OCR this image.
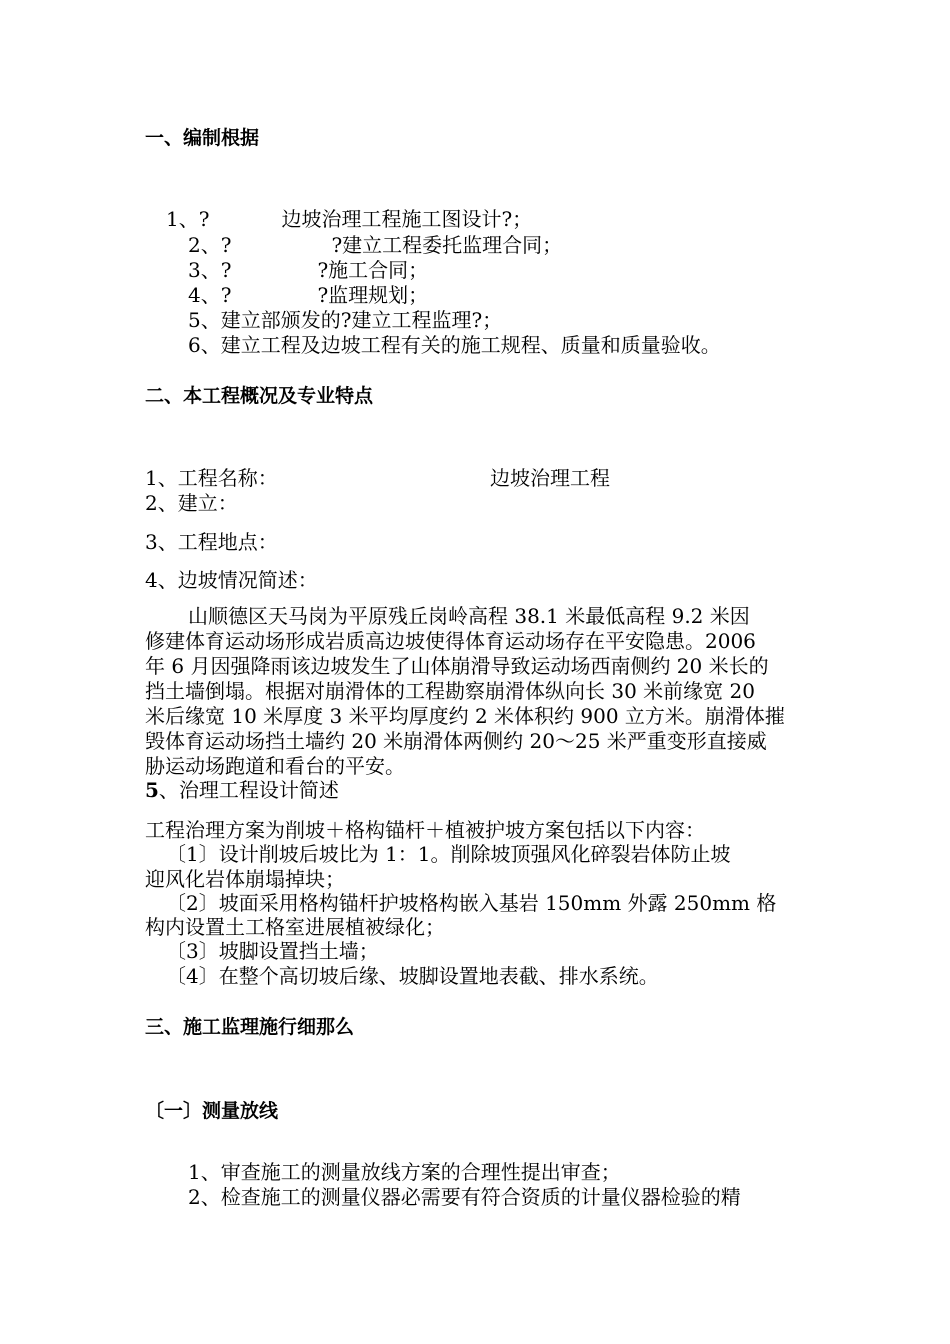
一、编制根据
1、?	边坡治理工程施工图设计?；
2、?	?建立工程委托监理合同；
3、?	?施工合同；
4、?	?监理规划；
5、建立部颁发的?建立工程监理?；
6、建立工程及边坡工程有关的施工规程、质量和质量验收。
二、本工程概况及专业特点
1、工程名称：	边坡治理工程
2、建立：
3、工程地点：
4、边坡情况简述：
山顺德区天马岗为平原残丘岗岭高程 38.1 米最低高程 9.2 米因
修建体育运动场形成岩质高边坡使得体育运动场存在平安隐患。2006
年 6 月因强降雨该边坡发生了山体崩滑导致运动场西南侧约 20 米长的
挡土墙倒塌。根据对崩滑体的工程勘察崩滑体纵向长 30 米前缘宽 20
米后缘宽 10 米厚度 3 米平均厚度约 2 米体积约 900 立方米。崩滑体摧
毁体育运动场挡土墙约 20 米崩滑体两侧约 20～25 米严重变形直接威
胁运动场跑道和看台的平安。
5、治理工程设计简述
工程治理方案为削坡＋格构锚杆＋植被护坡方案包括以下内容：
〔1〕设计削坡后坡比为 1：1。削除坡顶强风化碎裂岩体防止坡
迎风化岩体崩塌掉块；
〔2〕坡面采用格构锚杆护坡格构嵌入基岩 150mm 外露 250mm 格
构内设置土工格室进展植被绿化；
〔3〕坡脚设置挡土墙；
〔4〕在整个高切坡后缘、坡脚设置地表截、排水系统。
三、施工监理施行细那么
〔一〕测量放线
1、审查施工的测量放线方案的合理性提出审查；
2、检查施工的测量仪器必需要有符合资质的计量仪器检验的精
